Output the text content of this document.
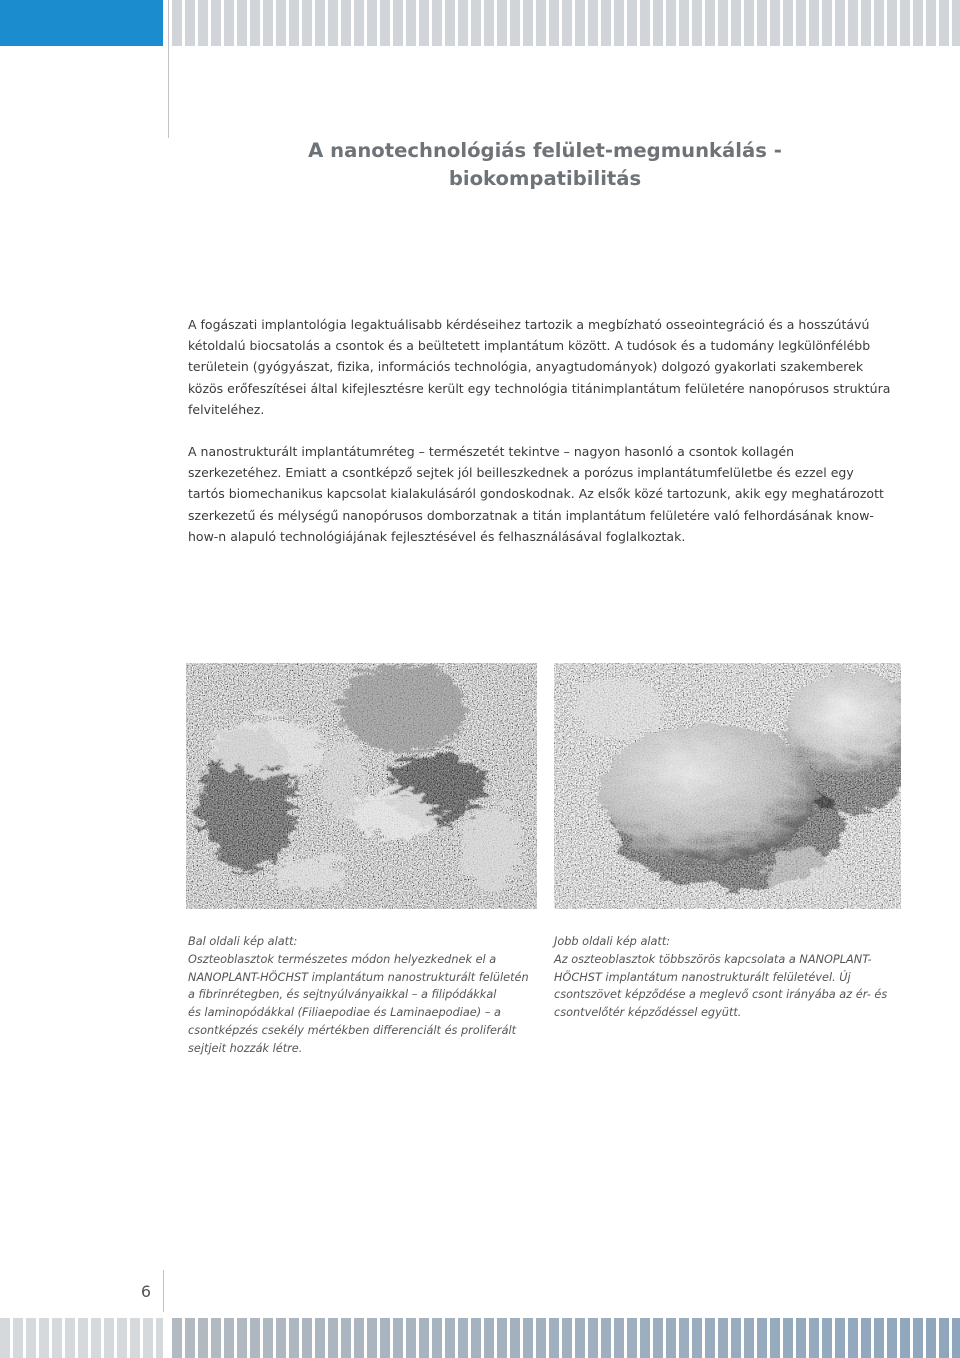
A nanotechnológiás felület-megmunkálás -
biokompatibilitás
A fogászati implantológia legaktuálisabb kérdéseihez tartozik a megbízható osseointegráció és a hosszútávú
kétoldalú biocsatolás a csontok és a beültetett implantátum között. A tudósok és a tudomány legkülönfélébb
területein (gyógyászat, fizika, információs technológia, anyagtudományok) dolgozó gyakorlati szakemberek
közös erőfeszítései által kifejlesztésre került egy technológia titánimplantátum felületére nanopórusos struktúra
felviteléhez.
A nanostrukturált implantátumréteg – természetét tekintve – nagyon hasonló a csontok kollagén
szerkezetéhez. Emiatt a csontképző sejtek jól beilleszkednek a porózus implantátumfelületbe és ezzel egy
tartós biomechanikus kapcsolat kialakulásáról gondoskodnak. Az elsők közé tartozunk, akik egy meghatározott
szerkezetű és mélységű nanopórusos domborzatnak a titán implantátum felületére való felhordásának know-
how-n alapuló technológiájának fejlesztésével és felhasználásával foglalkoztak.
Bal oldali kép alatt:
Oszteoblasztok természetes módon helyezkednek el a
NANOPLANT-HÖCHST implantátum nanostrukturált felületén
a fibrinrétegben, és sejtnyúlványaikkal – a filipódákkal
és laminopódákkal (Filiaepodiae és Laminaepodiae) – a
csontképzés csekély mértékben differenciált és proliferált
sejtjeit hozzák létre.
Jobb oldali kép alatt:
Az oszteoblasztok többszörös kapcsolata a NANOPLANT-
HÖCHST implantátum nanostrukturált felületével. Új
csontszövet képződése a meglevő csont irányába az ér- és
csontvelőtér képződéssel együtt.
6
